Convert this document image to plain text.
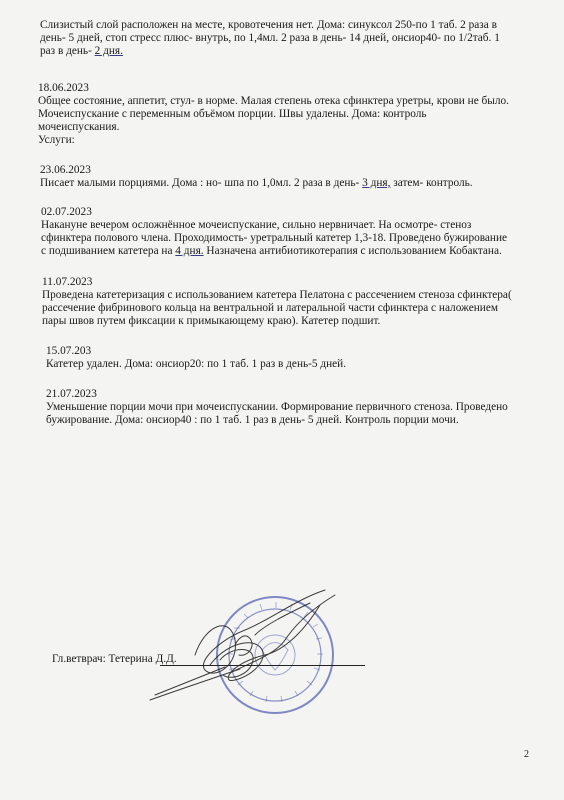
Слизистый слой расположен на месте, кровотечения нет. Дома: синуксол 250-по 1 таб. 2 раза в
день- 5 дней, стоп стресс плюс- внутрь, по 1,4мл. 2 раза в день- 14 дней, онсиор40- по 1/2таб. 1
раз в день- 2 дня.
18.06.2023
Общее состояние, аппетит, стул- в норме. Малая степень отека сфинктера уретры, крови не было.
Мочеиспускание с переменным объёмом порции. Швы удалены. Дома: контроль
мочеиспускания.
Услуги:
23.06.2023
Писает малыми порциями. Дома : но- шпа по 1,0мл. 2 раза в день- 3 дня, затем- контроль.
02.07.2023
Накануне вечером осложнённое мочеиспускание, сильно нервничает. На осмотре- стеноз
сфинктера полового члена. Проходимость- уретральный катетер 1,3-18. Проведено бужирование
с подшиванием катетера на 4 дня. Назначена антибиотикотерапия с использованием Кобактана.
11.07.2023
Проведена катетеризация с использованием катетера Пелатона с рассечением стеноза сфинктера(
рассечение фибринового кольца на вентральной и латеральной части сфинктера с наложением
пары швов путем фиксации к примыкающему краю). Катетер подшит.
15.07.203
Катетер удален. Дома: онсиор20: по 1 таб. 1 раз в день-5 дней.
21.07.2023
Уменьшение порции мочи при мочеиспускании. Формирование первичного стеноза. Проведено
бужирование. Дома: онсиор40 : по 1 таб. 1 раз в день- 5 дней. Контроль порции мочи.
Гл.ветврач: Тетерина Д.Д.
2
